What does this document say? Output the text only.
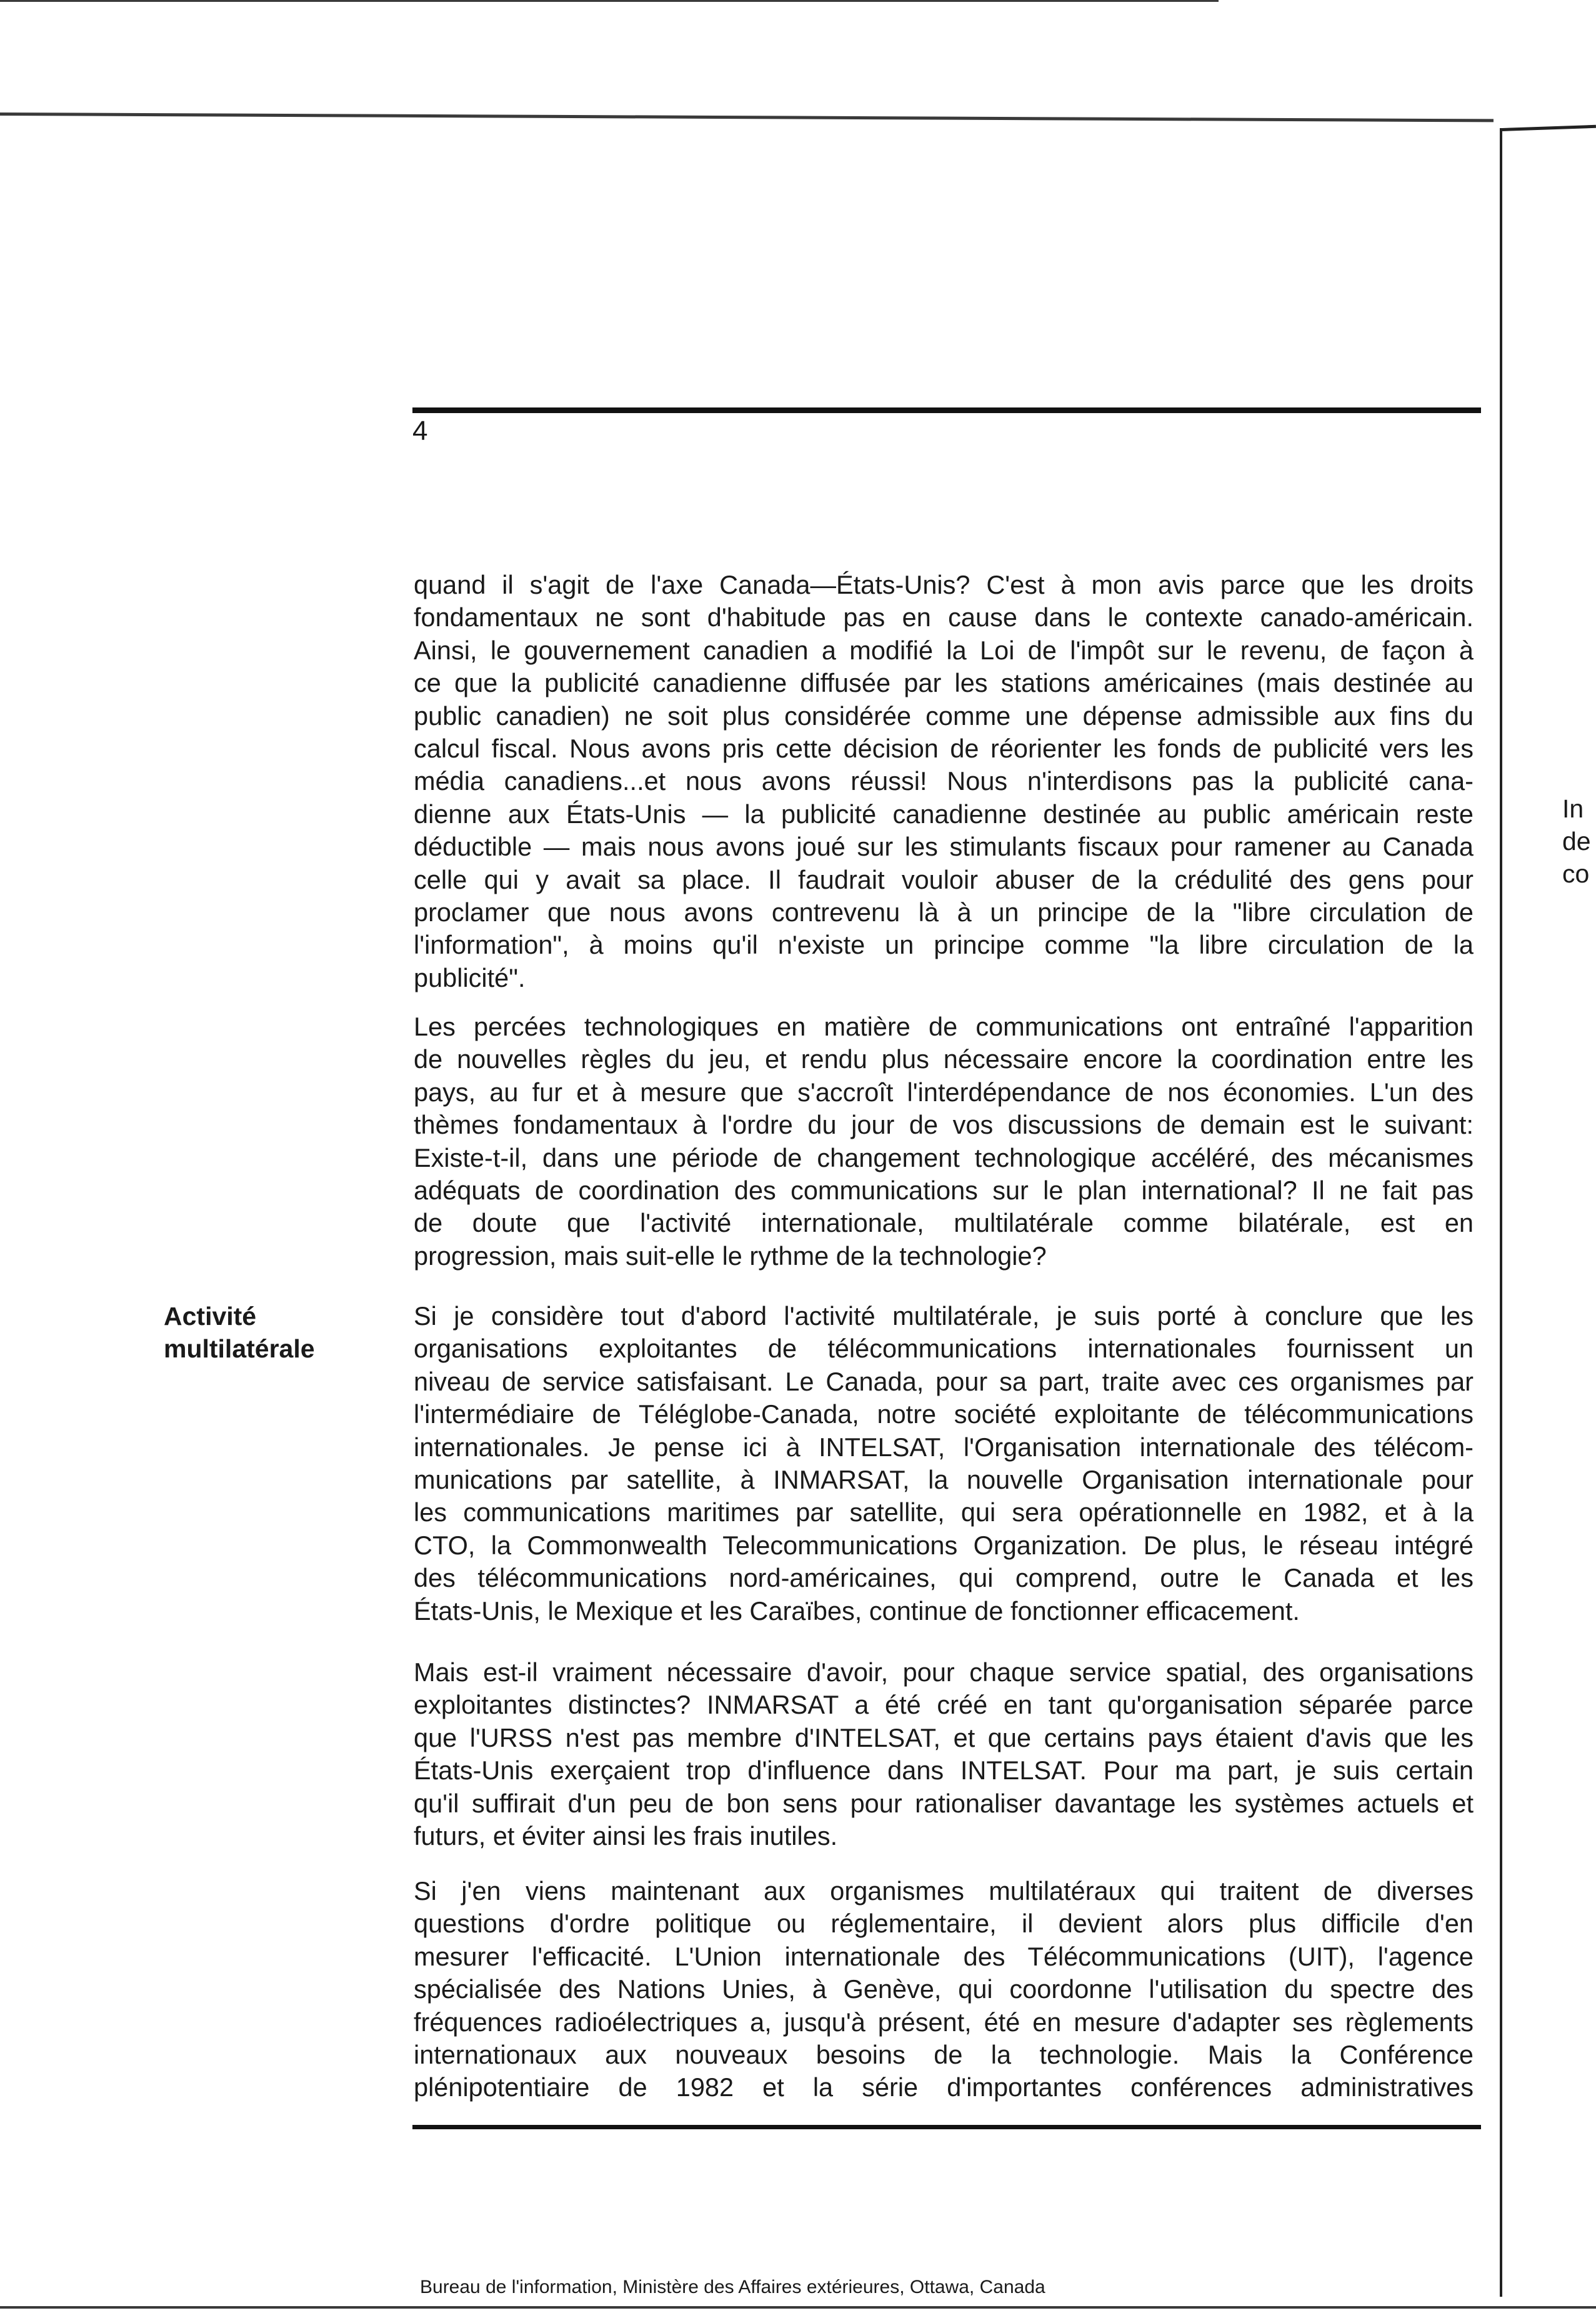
4
Activité
multilatérale
quand il s'agit de l'axe Canada—États-Unis? C'est à mon avis parce que les droits
fondamentaux ne sont d'habitude pas en cause dans le contexte canado-américain.
Ainsi, le gouvernement canadien a modifié la Loi de l'impôt sur le revenu, de façon à
ce que la publicité canadienne diffusée par les stations américaines (mais destinée au
public canadien) ne soit plus considérée comme une dépense admissible aux fins du
calcul fiscal. Nous avons pris cette décision de réorienter les fonds de publicité vers les
média canadiens...et nous avons réussi! Nous n'interdisons pas la publicité cana-
dienne aux États-Unis — la publicité canadienne destinée au public américain reste
déductible — mais nous avons joué sur les stimulants fiscaux pour ramener au Canada
celle qui y avait sa place. Il faudrait vouloir abuser de la crédulité des gens pour
proclamer que nous avons contrevenu là à un principe de la "libre circulation de
l'information", à moins qu'il n'existe un principe comme "la libre circulation de la
publicité".
Les percées technologiques en matière de communications ont entraîné l'apparition
de nouvelles règles du jeu, et rendu plus nécessaire encore la coordination entre les
pays, au fur et à mesure que s'accroît l'interdépendance de nos économies. L'un des
thèmes fondamentaux à l'ordre du jour de vos discussions de demain est le suivant:
Existe-t-il, dans une période de changement technologique accéléré, des mécanismes
adéquats de coordination des communications sur le plan international? Il ne fait pas
de doute que l'activité internationale, multilatérale comme bilatérale, est en
progression, mais suit-elle le rythme de la technologie?
Si je considère tout d'abord l'activité multilatérale, je suis porté à conclure que les
organisations exploitantes de télécommunications internationales fournissent un
niveau de service satisfaisant. Le Canada, pour sa part, traite avec ces organismes par
l'intermédiaire de Téléglobe-Canada, notre société exploitante de télécommunications
internationales. Je pense ici à INTELSAT, l'Organisation internationale des télécom-
munications par satellite, à INMARSAT, la nouvelle Organisation internationale pour
les communications maritimes par satellite, qui sera opérationnelle en 1982, et à la
CTO, la Commonwealth Telecommunications Organization. De plus, le réseau intégré
des télécommunications nord-américaines, qui comprend, outre le Canada et les
États-Unis, le Mexique et les Caraïbes, continue de fonctionner efficacement.
Mais est-il vraiment nécessaire d'avoir, pour chaque service spatial, des organisations
exploitantes distinctes? INMARSAT a été créé en tant qu'organisation séparée parce
que l'URSS n'est pas membre d'INTELSAT, et que certains pays étaient d'avis que les
États-Unis exerçaient trop d'influence dans INTELSAT. Pour ma part, je suis certain
qu'il suffirait d'un peu de bon sens pour rationaliser davantage les systèmes actuels et
futurs, et éviter ainsi les frais inutiles.
Si j'en viens maintenant aux organismes multilatéraux qui traitent de diverses
questions d'ordre politique ou réglementaire, il devient alors plus difficile d'en
mesurer l'efficacité. L'Union internationale des Télécommunications (UIT), l'agence
spécialisée des Nations Unies, à Genève, qui coordonne l'utilisation du spectre des
fréquences radioélectriques a, jusqu'à présent, été en mesure d'adapter ses règlements
internationaux aux nouveaux besoins de la technologie. Mais la Conférence
plénipotentiaire de 1982 et la série d'importantes conférences administratives
Bureau de l'information, Ministère des Affaires extérieures, Ottawa, Canada
In
de
co
